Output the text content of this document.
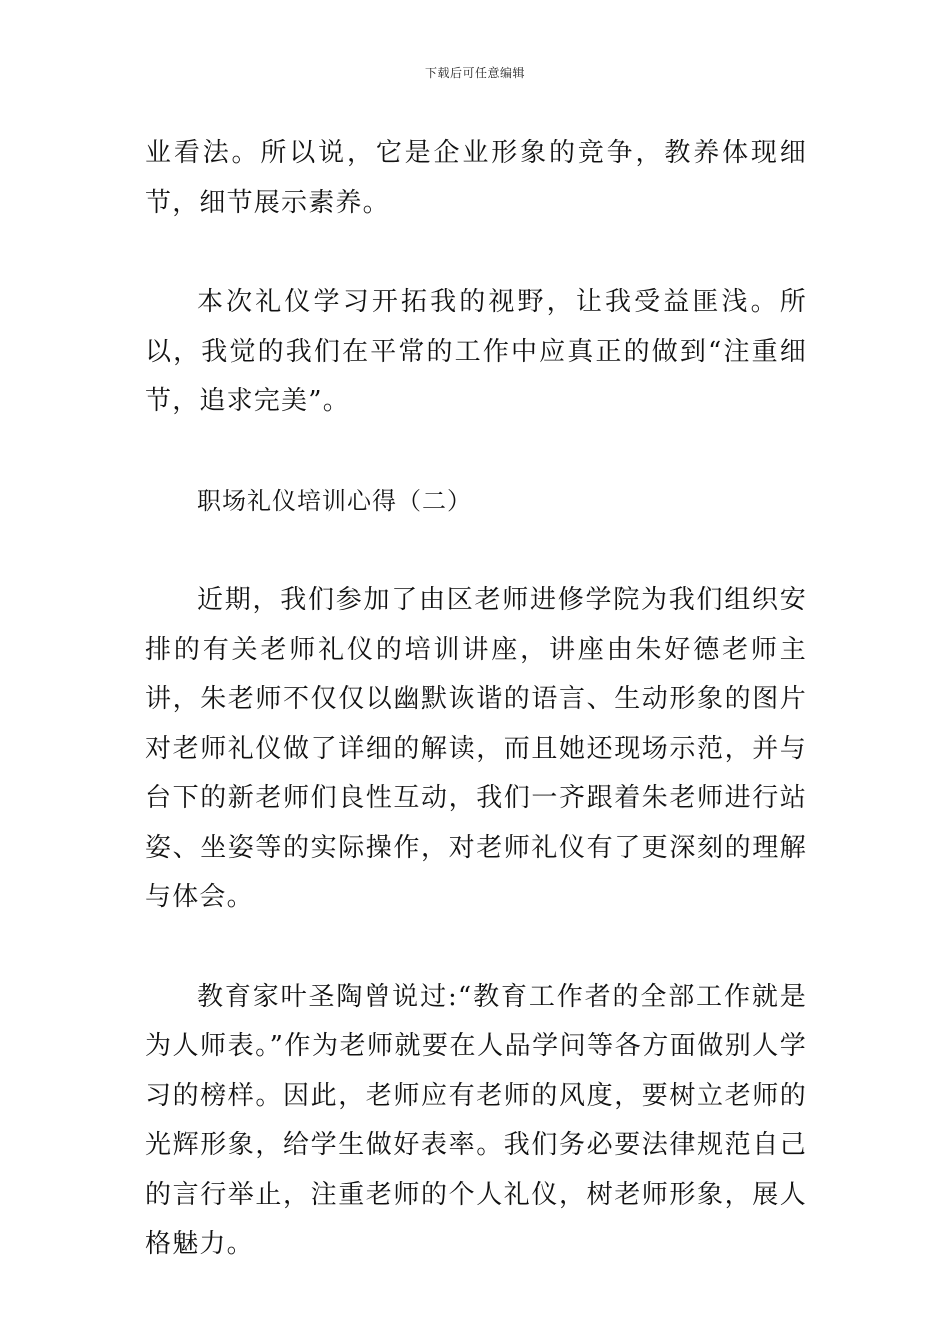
下载后可任意编辑

业看法。所以说，它是企业形象的竞争，教养体现细节，细节展示素养。

本次礼仪学习开拓我的视野，让我受益匪浅。所以，我觉的我们在平常的工作中应真正的做到“注重细节，追求完美”。

职场礼仪培训心得（二）

近期，我们参加了由区老师进修学院为我们组织安排的有关老师礼仪的培训讲座，讲座由朱好德老师主讲，朱老师不仅仅以幽默诙谐的语言、生动形象的图片对老师礼仪做了详细的解读，而且她还现场示范，并与台下的新老师们良性互动，我们一齐跟着朱老师进行站姿、坐姿等的实际操作，对老师礼仪有了更深刻的理解与体会。

教育家叶圣陶曾说过:“教育工作者的全部工作就是为人师表。”作为老师就要在人品学问等各方面做别人学习的榜样。因此，老师应有老师的风度，要树立老师的光辉形象，给学生做好表率。我们务必要法律规范自己的言行举止，注重老师的个人礼仪，树老师形象，展人格魅力。
